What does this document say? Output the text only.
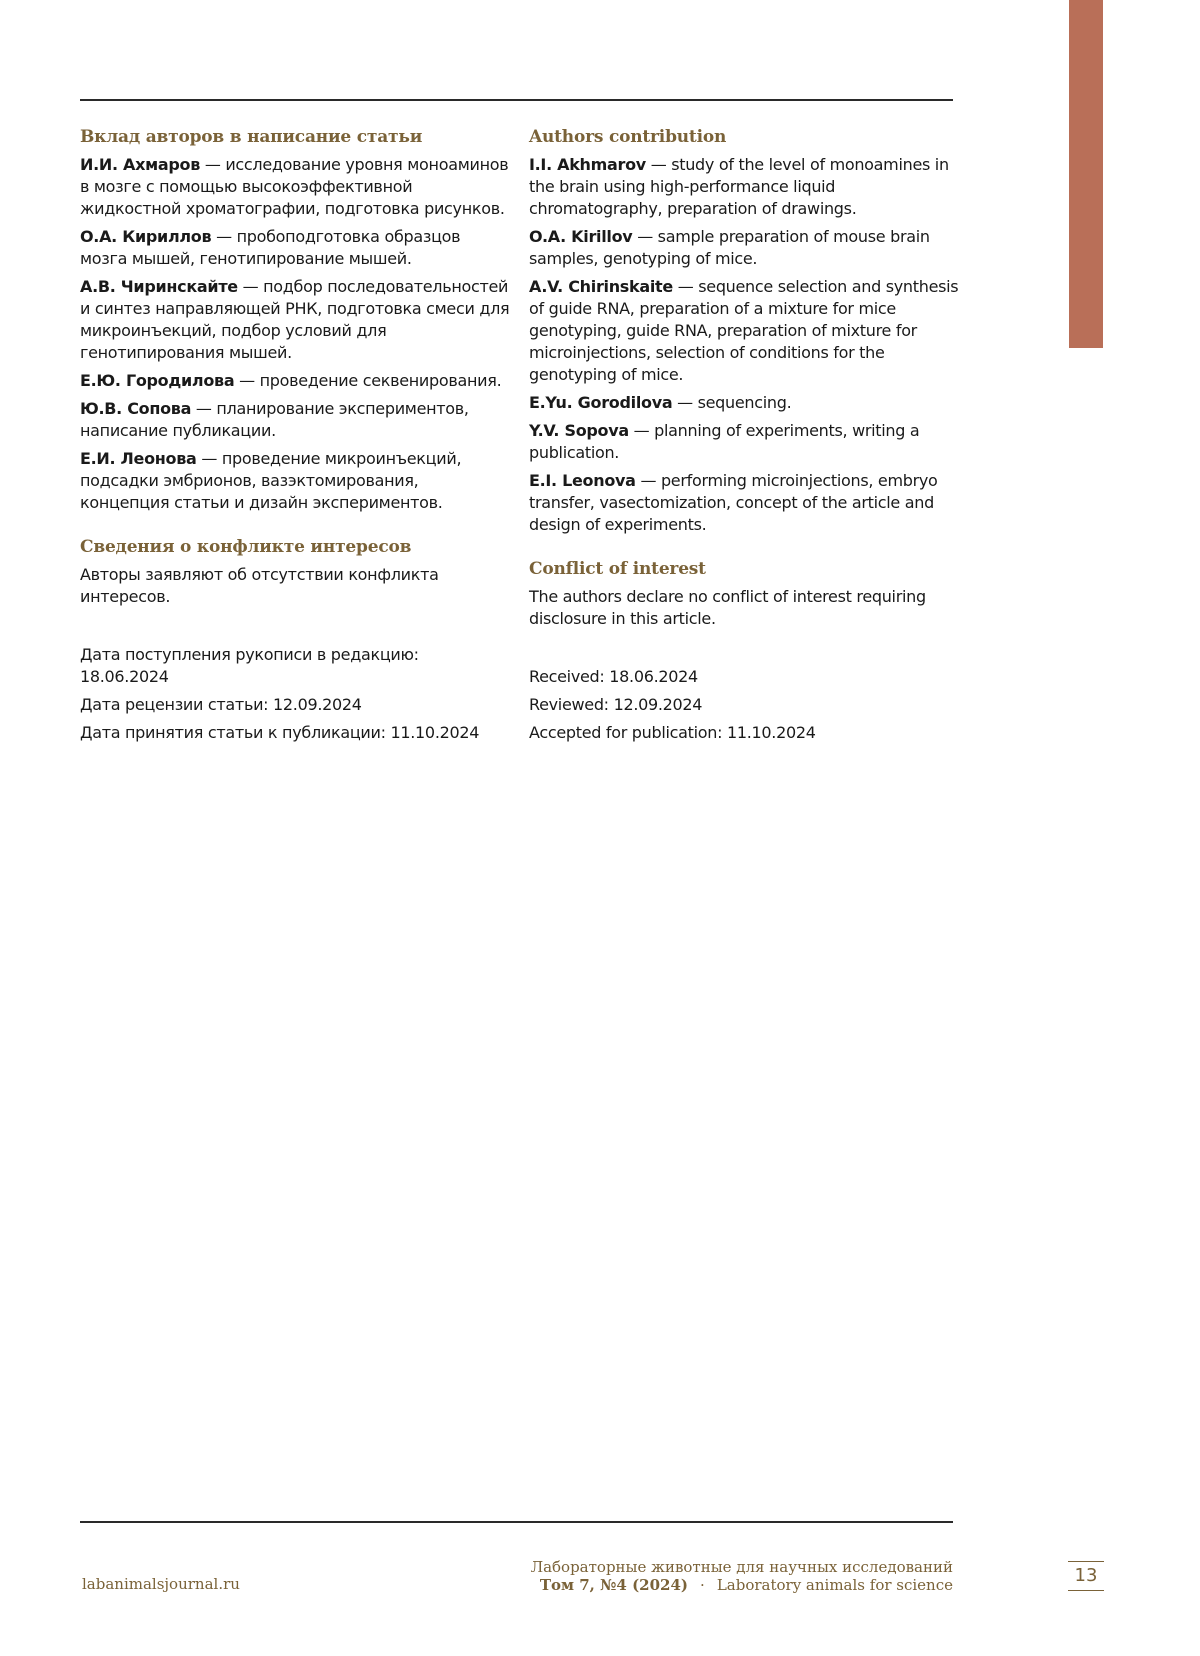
Вклад авторов в написание статьи
И.И. Ахмаров — исследование уровня моноаминов в мозге с помощью высокоэффективной жидкостной хроматографии, подготовка рисунков.
О.А. Кириллов — пробоподготовка образцов мозга мышей, генотипирование мышей.
А.В. Чиринскайте — подбор последовательностей и синтез направляющей РНК, подготовка смеси для микроинъекций, подбор условий для генотипирования мышей.
Е.Ю. Городилова — проведение секвенирования.
Ю.В. Сопова — планирование экспериментов, написание публикации.
Е.И. Леонова — проведение микроинъекций, подсадки эмбрионов, вазэктомирования, концепция статьи и дизайн экспериментов.
Сведения о конфликте интересов
Авторы заявляют об отсутствии конфликта интересов.
Дата поступления рукописи в редакцию: 18.06.2024
Дата рецензии статьи: 12.09.2024
Дата принятия статьи к публикации: 11.10.2024
Authors contribution
I.I. Akhmarov — study of the level of monoamines in the brain using high-performance liquid chromatography, preparation of drawings.
O.A. Kirillov — sample preparation of mouse brain samples, genotyping of mice.
A.V. Chirinskaite — sequence selection and synthesis of guide RNA, preparation of a mixture for mice genotyping, guide RNA, preparation of mixture for microinjections, selection of conditions for the genotyping of mice.
E.Yu. Gorodilova — sequencing.
Y.V. Sopova — planning of experiments, writing a publication.
E.I. Leonova — performing microinjections, embryo transfer, vasectomization, concept of the article and design of experiments.
Conflict of interest
The authors declare no conflict of interest requiring disclosure in this article.
Received: 18.06.2024
Reviewed: 12.09.2024
Accepted for publication: 11.10.2024
labanimalsjournal.ru
Лабораторные животные для научных исследований
Том 7, №4 (2024) · Laboratory animals for science	13
